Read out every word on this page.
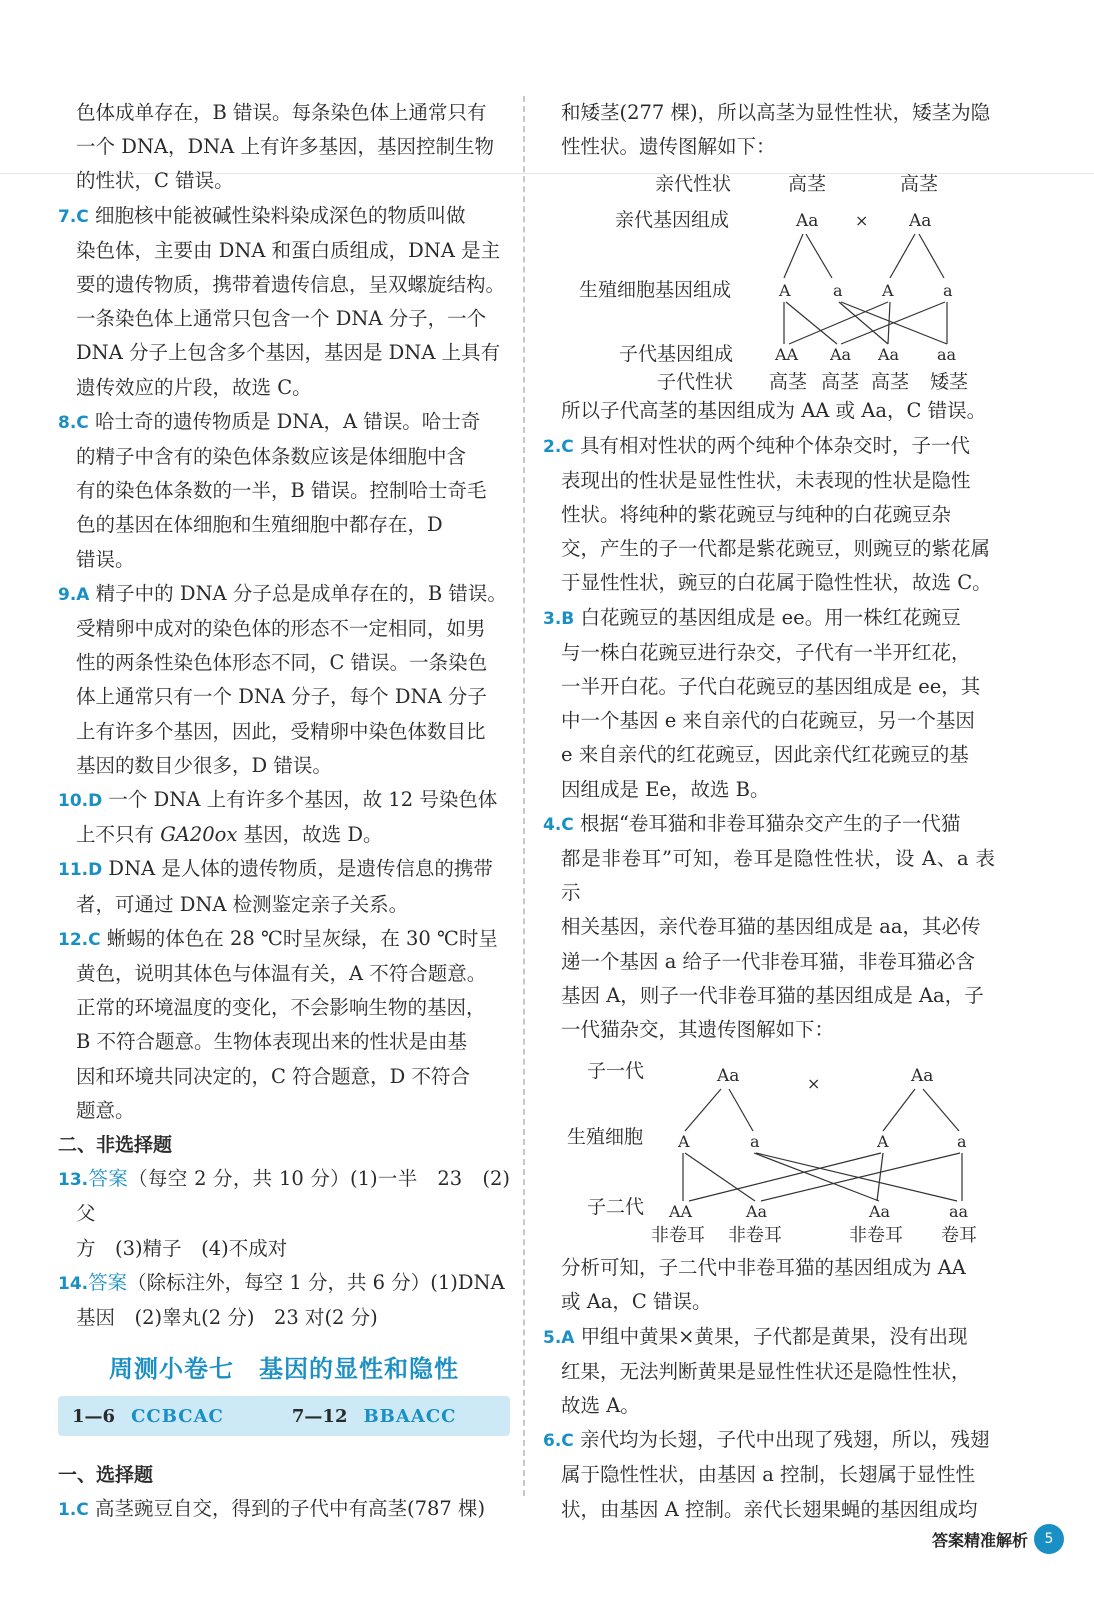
色体成单存在，B 错误。每条染色体上通常只有

一个 DNA，DNA 上有许多基因，基因控制生物

的性状，C 错误。

7.C 细胞核中能被碱性染料染成深色的物质叫做

染色体，主要由 DNA 和蛋白质组成，DNA 是主

要的遗传物质，携带着遗传信息，呈双螺旋结构。

一条染色体上通常只包含一个 DNA 分子，一个

DNA 分子上包含多个基因，基因是 DNA 上具有

遗传效应的片段，故选 C。

8.C 哈士奇的遗传物质是 DNA，A 错误。哈士奇

的精子中含有的染色体条数应该是体细胞中含

有的染色体条数的一半，B 错误。控制哈士奇毛

色的基因在体细胞和生殖细胞中都存在，D

错误。

9.A 精子中的 DNA 分子总是成单存在的，B 错误。

受精卵中成对的染色体的形态不一定相同，如男

性的两条性染色体形态不同，C 错误。一条染色

体上通常只有一个 DNA 分子，每个 DNA 分子

上有许多个基因，因此，受精卵中染色体数目比

基因的数目少很多，D 错误。

10.D 一个 DNA 上有许多个基因，故 12 号染色体

上不只有 GA20ox 基因，故选 D。

11.D DNA 是人体的遗传物质，是遗传信息的携带

者，可通过 DNA 检测鉴定亲子关系。

12.C 蜥蜴的体色在 28 ℃时呈灰绿，在 30 ℃时呈

黄色，说明其体色与体温有关，A 不符合题意。

正常的环境温度的变化，不会影响生物的基因，

B 不符合题意。生物体表现出来的性状是由基

因和环境共同决定的，C 符合题意，D 不符合

题意。

二、非选择题

13.答案（每空 2 分，共 10 分）(1)一半　23　(2)父

方　(3)精子　(4)不成对

14.答案（除标注外，每空 1 分，共 6 分）(1)DNA

基因　(2)睾丸(2 分)　23 对(2 分)

周测小卷七　基因的显性和隐性
1—6 CCBCAC	7—12 BBAACC
一、选择题

1.C 高茎豌豆自交，得到的子代中有高茎(787 棵)

和矮茎(277 棵)，所以高茎为显性性状，矮茎为隐

性性状。遗传图解如下：

亲代性状	高茎	高茎
亲代基因组成	Aa × Aa
生殖细胞基因组成	A	a A	a
子代基因组成	AA Aa Aa aa
子代性状 高茎 高茎 高茎 矮茎

所以子代高茎的基因组成为 AA 或 Aa，C 错误。

2.C 具有相对性状的两个纯种个体杂交时，子一代

表现出的性状是显性性状，未表现的性状是隐性

性状。将纯种的紫花豌豆与纯种的白花豌豆杂

交，产生的子一代都是紫花豌豆，则豌豆的紫花属

于显性性状，豌豆的白花属于隐性性状，故选 C。

3.B 白花豌豆的基因组成是 ee。用一株红花豌豆

与一株白花豌豆进行杂交，子代有一半开红花，

一半开白花。子代白花豌豆的基因组成是 ee，其

中一个基因 e 来自亲代的白花豌豆，另一个基因

e 来自亲代的红花豌豆，因此亲代红花豌豆的基

因组成是 Ee，故选 B。

4.C 根据“卷耳猫和非卷耳猫杂交产生的子一代猫

都是非卷耳”可知，卷耳是隐性性状，设 A、a 表示

相关基因，亲代卷耳猫的基因组成是 aa，其必传

递一个基因 a 给子一代非卷耳猫，非卷耳猫必含

基因 A，则子一代非卷耳猫的基因组成是 Aa，子

一代猫杂交，其遗传图解如下：

子一代	Aa	×	Aa
生殖细胞 A	a	A	a
子二代 AA	Aa	Aa	aa
非卷耳 非卷耳	非卷耳 卷耳

分析可知，子二代中非卷耳猫的基因组成为 AA

或 Aa，C 错误。

5.A 甲组中黄果×黄果，子代都是黄果，没有出现

红果，无法判断黄果是显性性状还是隐性性状，

故选 A。

6.C 亲代均为长翅，子代中出现了残翅，所以，残翅

属于隐性性状，由基因 a 控制，长翅属于显性性

状，由基因 A 控制。亲代长翅果蝇的基因组成均

答案精准解析	5
